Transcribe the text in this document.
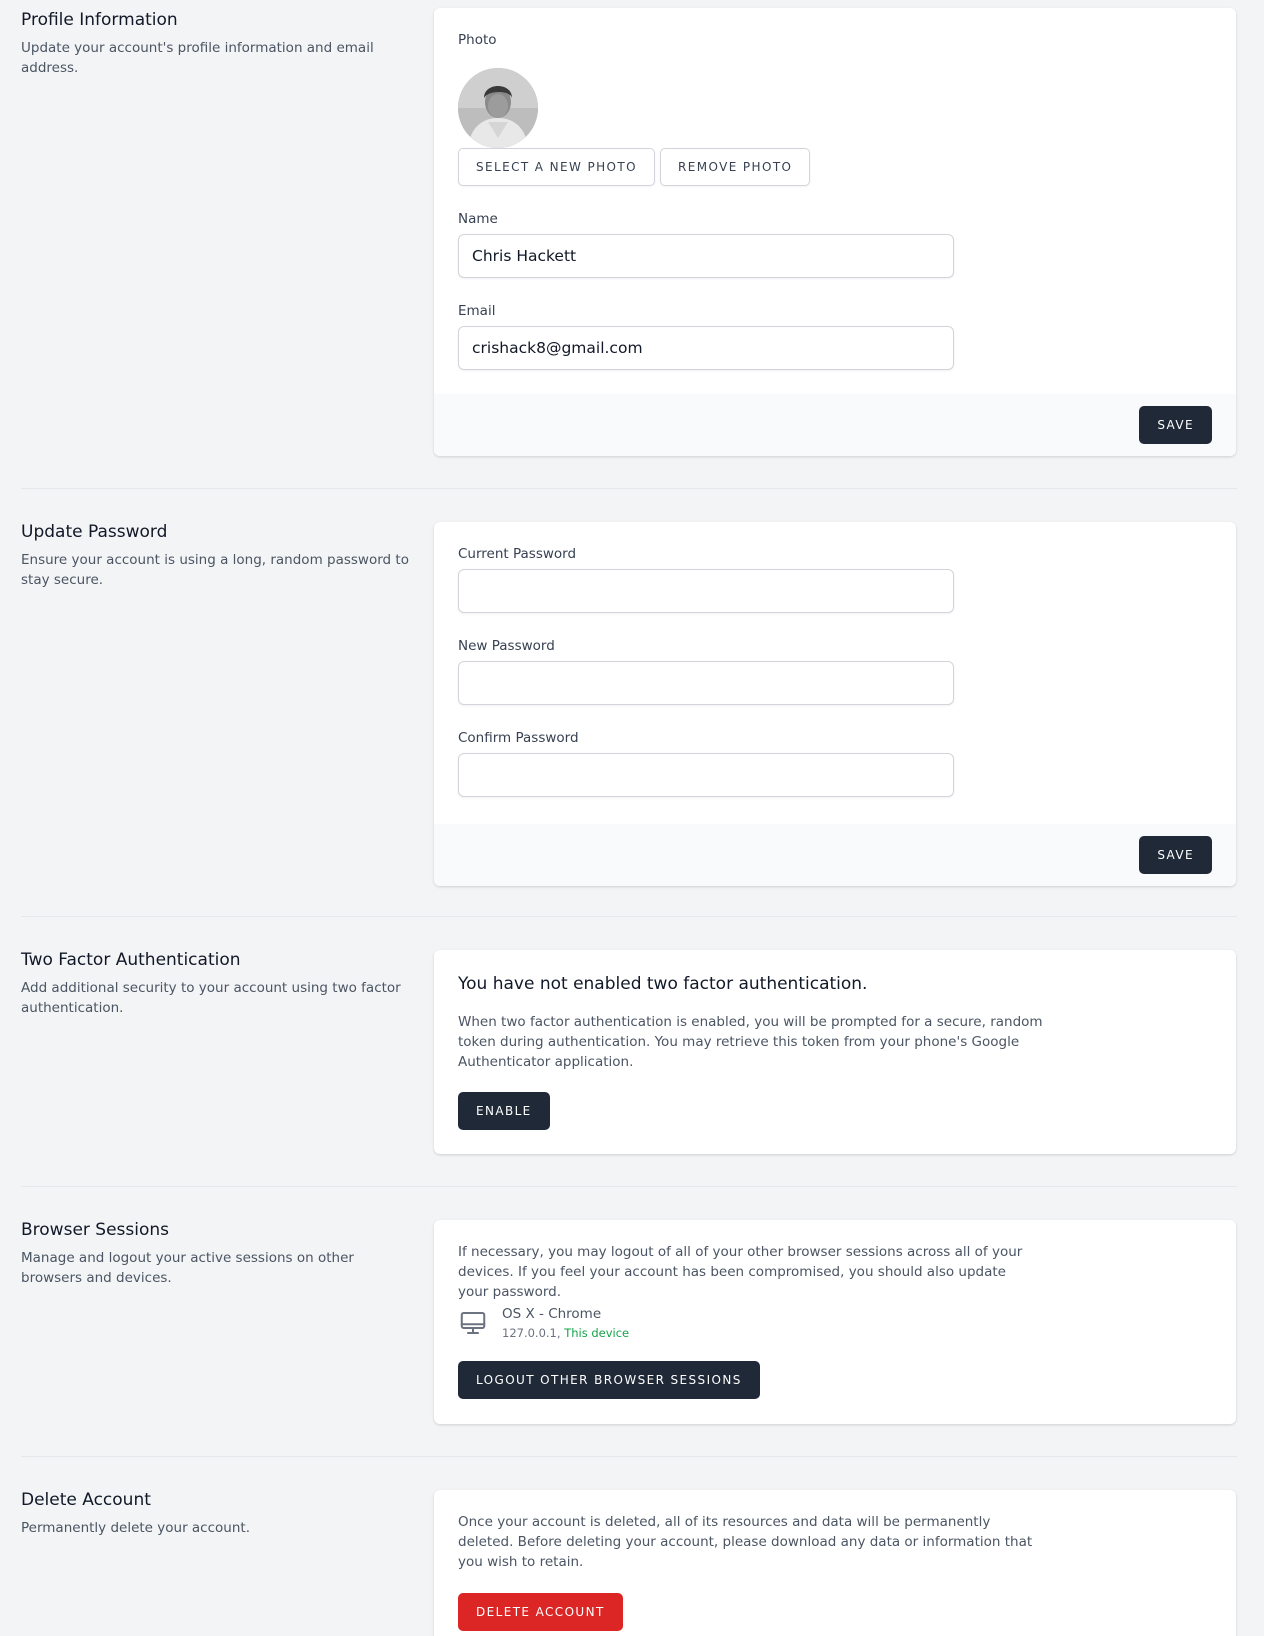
Profile Information

Update your account's profile information and email address.

Photo
SELECT A NEW PHOTO	REMOVE PHOTO
Name
Chris Hackett
Email
crishack8@gmail.com
SAVE
Update Password

Ensure your account is using a long, random password to stay secure.

Current Password
New Password
Confirm Password
SAVE
Two Factor Authentication

Add additional security to your account using two factor authentication.

You have not enabled two factor authentication.
When two factor authentication is enabled, you will be prompted for a secure, random token during authentication. You may retrieve this token from your phone's Google Authenticator application.
ENABLE
Browser Sessions

Manage and logout your active sessions on other browsers and devices.

If necessary, you may logout of all of your other browser sessions across all of your devices. If you feel your account has been compromised, you should also update your password.
OS X - Chrome
127.0.0.1, This device
LOGOUT OTHER BROWSER SESSIONS
Delete Account

Permanently delete your account.	Once your account is deleted, all of its resources and data will be permanently deleted. Before deleting your account, please download any data or information that you wish to retain.
DELETE ACCOUNT
